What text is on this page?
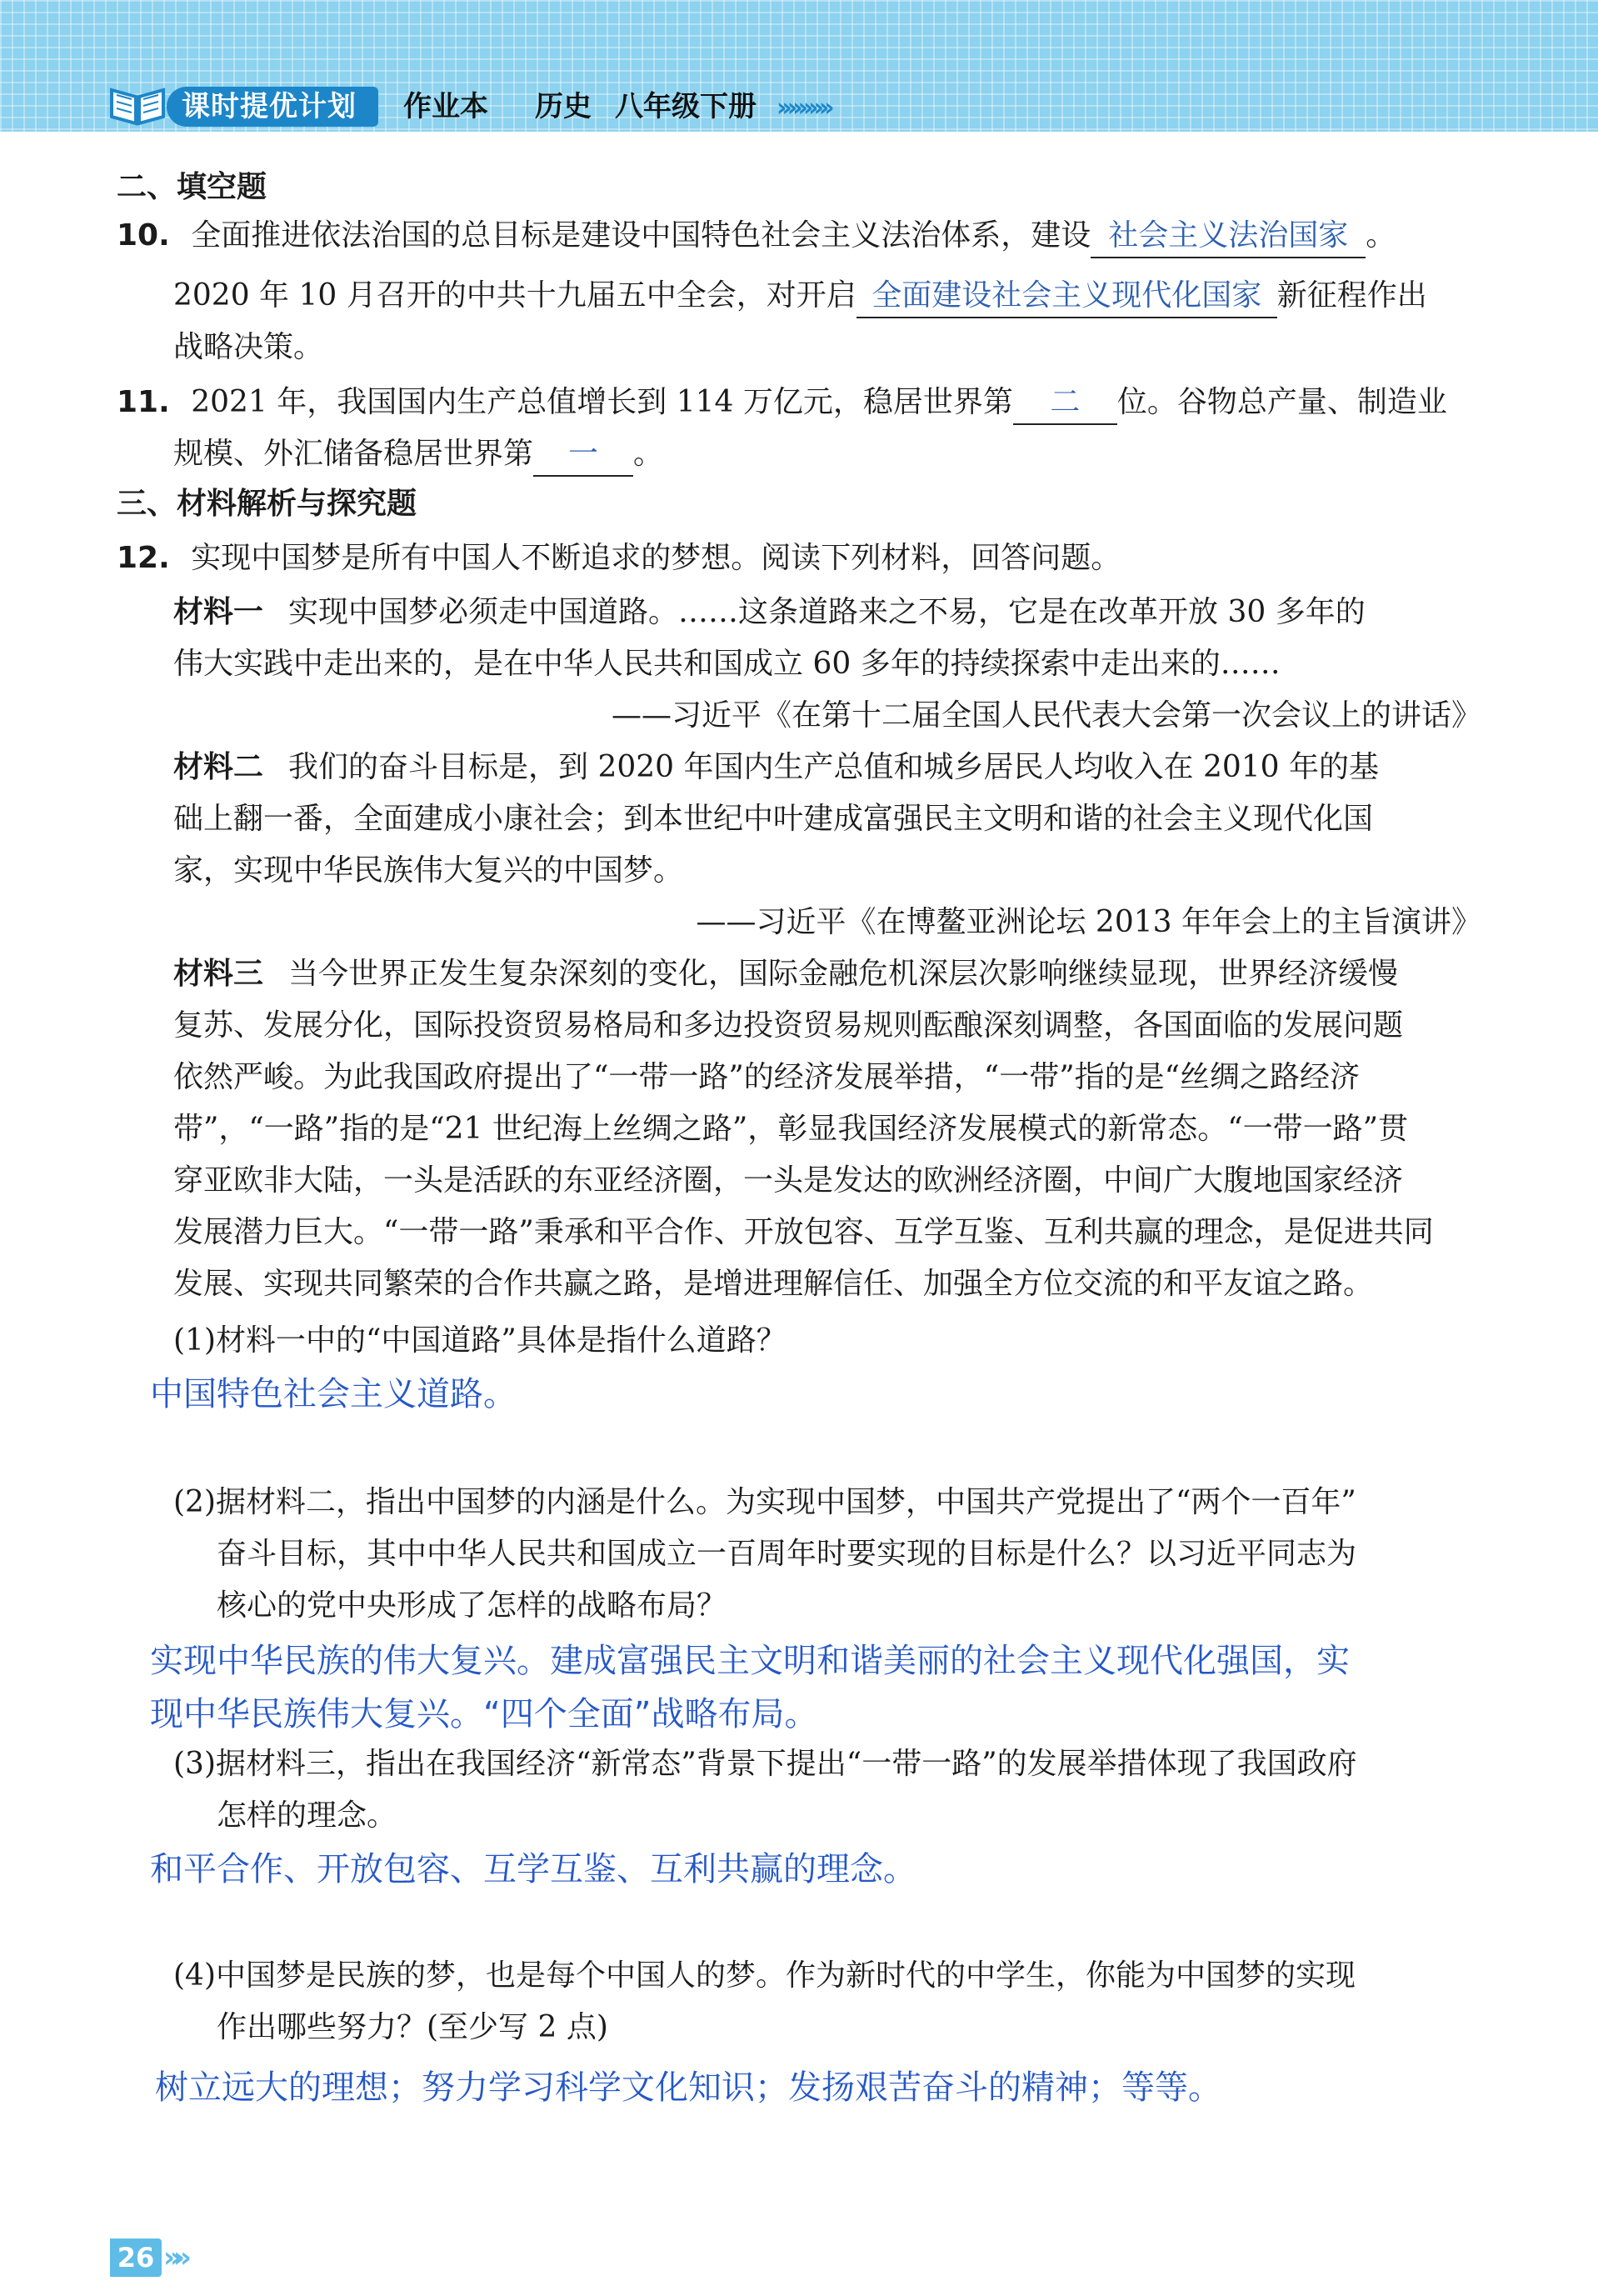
课时提优计划	作业本 历史 八年级下册 ››››››››››
二、填空题
10. 全面推进依法治国的总目标是建设中国特色社会主义法治体系，建设 社会主义法治国家 。
2020 年 10 月召开的中共十九届五中全会，对开启 全面建设社会主义现代化国家 新征程作出
战略决策。
11. 2021 年，我国国内生产总值增长到 114 万亿元，稳居世界第 二 位。谷物总产量、制造业
规模、外汇储备稳居世界第 一 。
三、材料解析与探究题
12. 实现中国梦是所有中国人不断追求的梦想。阅读下列材料，回答问题。
材料一 实现中国梦必须走中国道路。……这条道路来之不易，它是在改革开放 30 多年的
伟大实践中走出来的，是在中华人民共和国成立 60 多年的持续探索中走出来的……
——习近平《在第十二届全国人民代表大会第一次会议上的讲话》
材料二 我们的奋斗目标是，到 2020 年国内生产总值和城乡居民人均收入在 2010 年的基
础上翻一番，全面建成小康社会；到本世纪中叶建成富强民主文明和谐的社会主义现代化国
家，实现中华民族伟大复兴的中国梦。
——习近平《在博鳌亚洲论坛 2013 年年会上的主旨演讲》
材料三 当今世界正发生复杂深刻的变化，国际金融危机深层次影响继续显现，世界经济缓慢
复苏、发展分化，国际投资贸易格局和多边投资贸易规则酝酿深刻调整，各国面临的发展问题
依然严峻。为此我国政府提出了“一带一路”的经济发展举措，“一带”指的是“丝绸之路经济
带”，“一路”指的是“21 世纪海上丝绸之路”，彰显我国经济发展模式的新常态。“一带一路”贯
穿亚欧非大陆，一头是活跃的东亚经济圈，一头是发达的欧洲经济圈，中间广大腹地国家经济
发展潜力巨大。“一带一路”秉承和平合作、开放包容、互学互鉴、互利共赢的理念，是促进共同
发展、实现共同繁荣的合作共赢之路，是增进理解信任、加强全方位交流的和平友谊之路。
(1)材料一中的“中国道路”具体是指什么道路？
中国特色社会主义道路。
(2)据材料二，指出中国梦的内涵是什么。为实现中国梦，中国共产党提出了“两个一百年”
奋斗目标，其中中华人民共和国成立一百周年时要实现的目标是什么？以习近平同志为
核心的党中央形成了怎样的战略布局？
实现中华民族的伟大复兴。建成富强民主文明和谐美丽的社会主义现代化强国，实
现中华民族伟大复兴。“四个全面”战略布局。
(3)据材料三，指出在我国经济“新常态”背景下提出“一带一路”的发展举措体现了我国政府
怎样的理念。
和平合作、开放包容、互学互鉴、互利共赢的理念。
(4)中国梦是民族的梦，也是每个中国人的梦。作为新时代的中学生，你能为中国梦的实现
作出哪些努力？(至少写 2 点)
树立远大的理想；努力学习科学文化知识；发扬艰苦奋斗的精神；等等。
26 »»
